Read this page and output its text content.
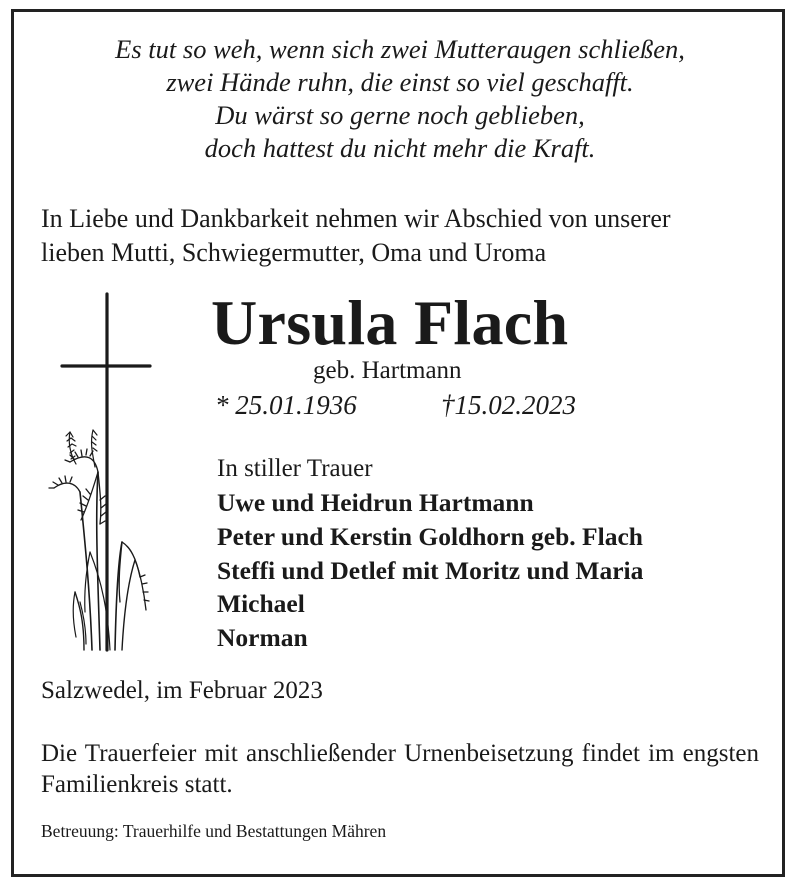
Es tut so weh, wenn sich zwei Mutteraugen schließen,
zwei Hände ruhn, die einst so viel geschafft.
Du wärst so gerne noch geblieben,
doch hattest du nicht mehr die Kraft.
In Liebe und Dankbarkeit nehmen wir Abschied von unserer
lieben Mutti, Schwiegermutter, Oma und Uroma
Ursula Flach
geb. Hartmann
* 25.01.1936	†15.02.2023
In stiller Trauer
Uwe und Heidrun Hartmann
Peter und Kerstin Goldhorn geb. Flach
Steffi und Detlef mit Moritz und Maria
Michael
Norman
Salzwedel, im Februar 2023
Die Trauerfeier mit anschließender Urnenbeisetzung findet im engsten Familienkreis statt.
Betreuung: Trauerhilfe und Bestattungen Mähren
